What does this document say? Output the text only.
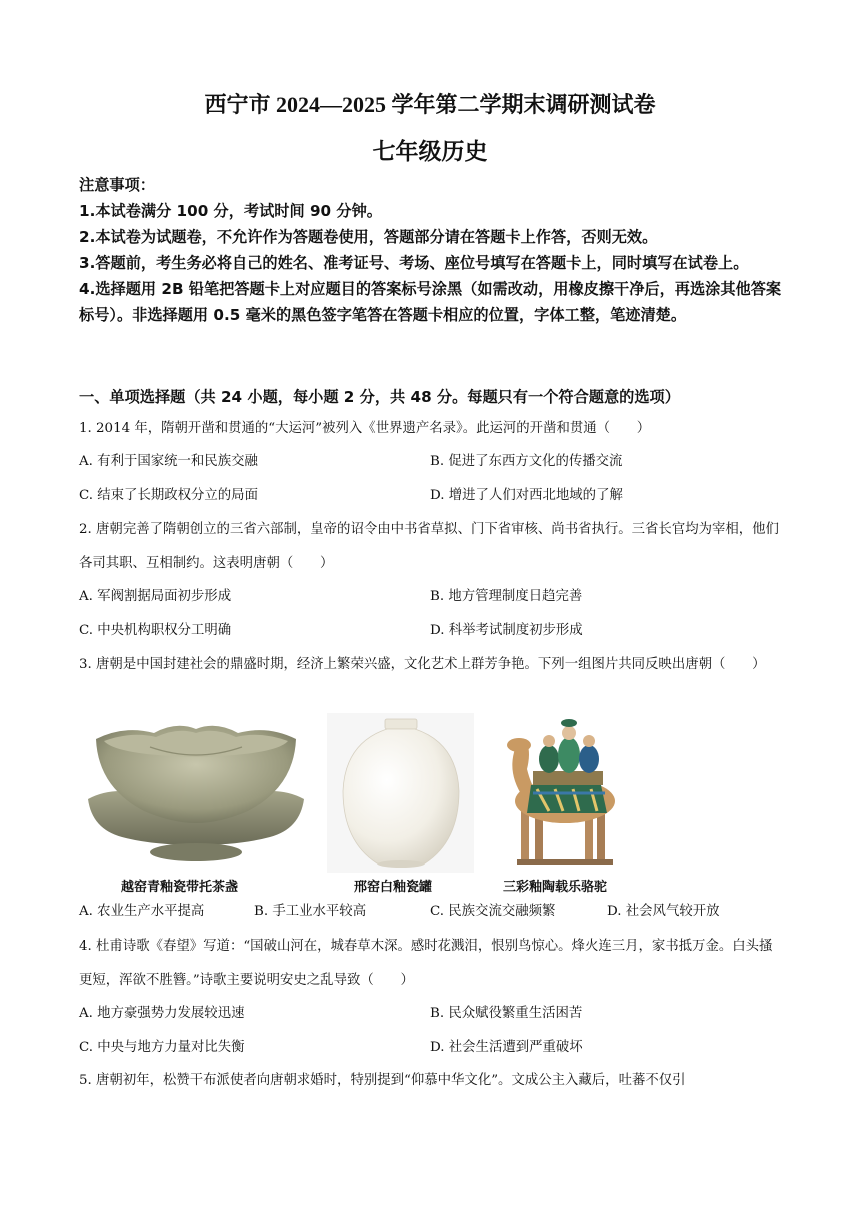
西宁市 2024—2025 学年第二学期末调研测试卷
七年级历史
注意事项：
1.本试卷满分 100 分，考试时间 90 分钟。
2.本试卷为试题卷，不允许作为答题卷使用，答题部分请在答题卡上作答，否则无效。
3.答题前，考生务必将自己的姓名、准考证号、考场、座位号填写在答题卡上，同时填写在试卷上。
4.选择题用 2B 铅笔把答题卡上对应题目的答案标号涂黑（如需改动，用橡皮擦干净后，再选涂其他答案标号）。非选择题用 0.5 毫米的黑色签字笔答在答题卡相应的位置，字体工整，笔迹清楚。
一、单项选择题（共 24 小题，每小题 2 分，共 48 分。每题只有一个符合题意的选项）
1. 2014 年，隋朝开凿和贯通的“大运河”被列入《世界遗产名录》。此运河的开凿和贯通（　　）
A. 有利于国家统一和民族交融	B. 促进了东西方文化的传播交流
C. 结束了长期政权分立的局面	D. 增进了人们对西北地域的了解
2. 唐朝完善了隋朝创立的三省六部制，皇帝的诏令由中书省草拟、门下省审核、尚书省执行。三省长官均为宰相，他们各司其职、互相制约。这表明唐朝（　　）
A. 军阀割据局面初步形成	B. 地方管理制度日趋完善
C. 中央机构职权分工明确	D. 科举考试制度初步形成
3. 唐朝是中国封建社会的鼎盛时期，经济上繁荣兴盛，文化艺术上群芳争艳。下列一组图片共同反映出唐朝（　　）
越窑青釉瓷带托茶盏	邢窑白釉瓷罐	三彩釉陶载乐骆驼
A. 农业生产水平提高	B. 手工业水平较高	C. 民族交流交融频繁	D. 社会风气较开放
4. 杜甫诗歌《春望》写道：“国破山河在，城春草木深。感时花溅泪，恨别鸟惊心。烽火连三月，家书抵万金。白头搔更短，浑欲不胜簪。”诗歌主要说明安史之乱导致（　　）
A. 地方豪强势力发展较迅速	B. 民众赋役繁重生活困苦
C. 中央与地方力量对比失衡	D. 社会生活遭到严重破坏
5. 唐朝初年，松赞干布派使者向唐朝求婚时，特别提到“仰慕中华文化”。文成公主入藏后，吐蕃不仅引
